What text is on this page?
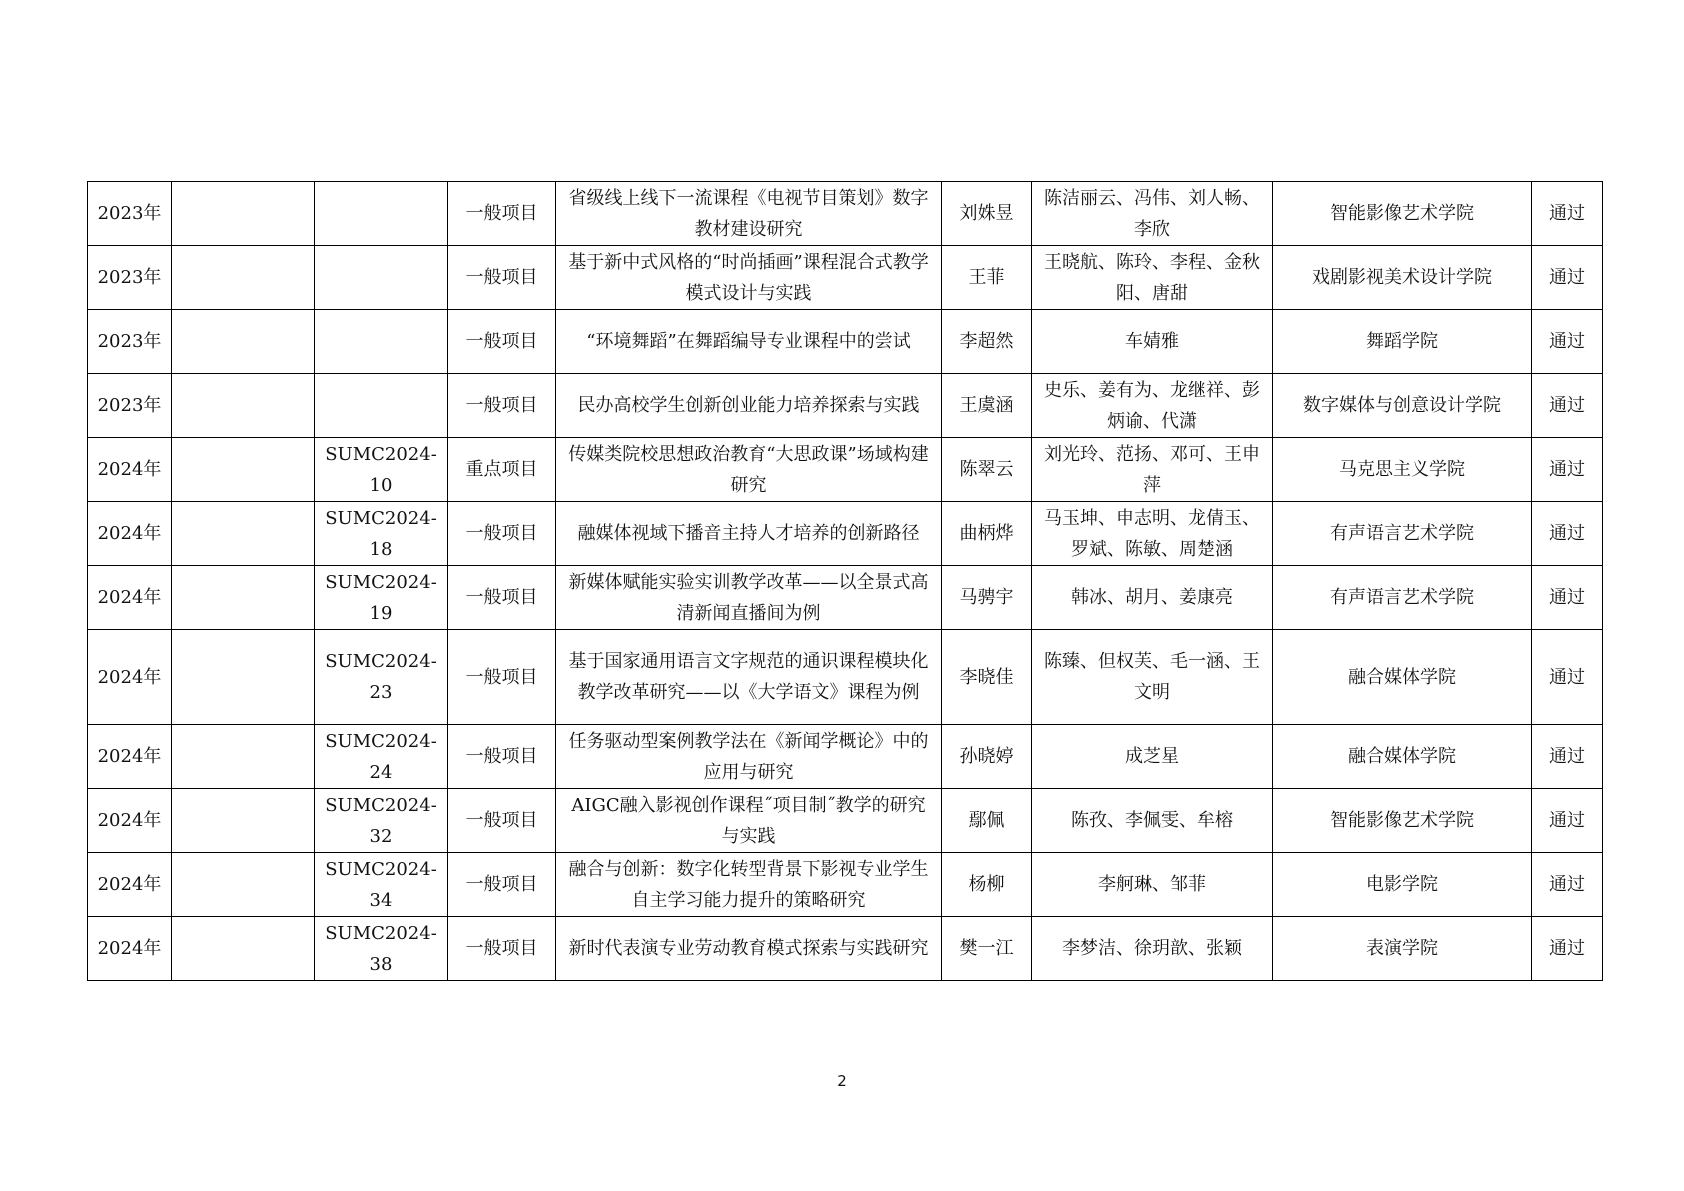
2023年			一般项目	省级线上线下一流课程《电视节目策划》数字教材建设研究	刘姝昱	陈洁丽云、冯伟、刘人畅、李欣	智能影像艺术学院	通过
2023年			一般项目	基于新中式风格的“时尚插画”课程混合式教学模式设计与实践	王菲	王晓航、陈玲、李程、金秋阳、唐甜	戏剧影视美术设计学院	通过
2023年			一般项目	“环境舞蹈”在舞蹈编导专业课程中的尝试	李超然	车婧雅	舞蹈学院	通过
2023年			一般项目	民办高校学生创新创业能力培养探索与实践	王虞涵	史乐、姜有为、龙继祥、彭炳谕、代潇	数字媒体与创意设计学院	通过
2024年		SUMC2024-10	重点项目	传媒类院校思想政治教育“大思政课”场域构建研究	陈翠云	刘光玲、范扬、邓可、王申萍	马克思主义学院	通过
2024年		SUMC2024-18	一般项目	融媒体视域下播音主持人才培养的创新路径	曲柄烨	马玉坤、申志明、龙倩玉、罗斌、陈敏、周楚涵	有声语言艺术学院	通过
2024年		SUMC2024-19	一般项目	新媒体赋能实验实训教学改革——以全景式高清新闻直播间为例	马骋宇	韩冰、胡月、姜康亮	有声语言艺术学院	通过
2024年		SUMC2024-23	一般项目	基于国家通用语言文字规范的通识课程模块化教学改革研究——以《大学语文》课程为例	李晓佳	陈臻、但权芙、毛一涵、王文明	融合媒体学院	通过
2024年		SUMC2024-24	一般项目	任务驱动型案例教学法在《新闻学概论》中的应用与研究	孙晓婷	成芝星	融合媒体学院	通过
2024年		SUMC2024-32	一般项目	AIGC融入影视创作课程˝项目制˝教学的研究与实践	鄢佩	陈孜、李佩雯、牟榕	智能影像艺术学院	通过
2024年		SUMC2024-34	一般项目	融合与创新：数字化转型背景下影视专业学生自主学习能力提升的策略研究	杨柳	李舸琳、邹菲	电影学院	通过
2024年		SUMC2024-38	一般项目	新时代表演专业劳动教育模式探索与实践研究	樊一江	李梦洁、徐玥歆、张颖	表演学院	通过
2
